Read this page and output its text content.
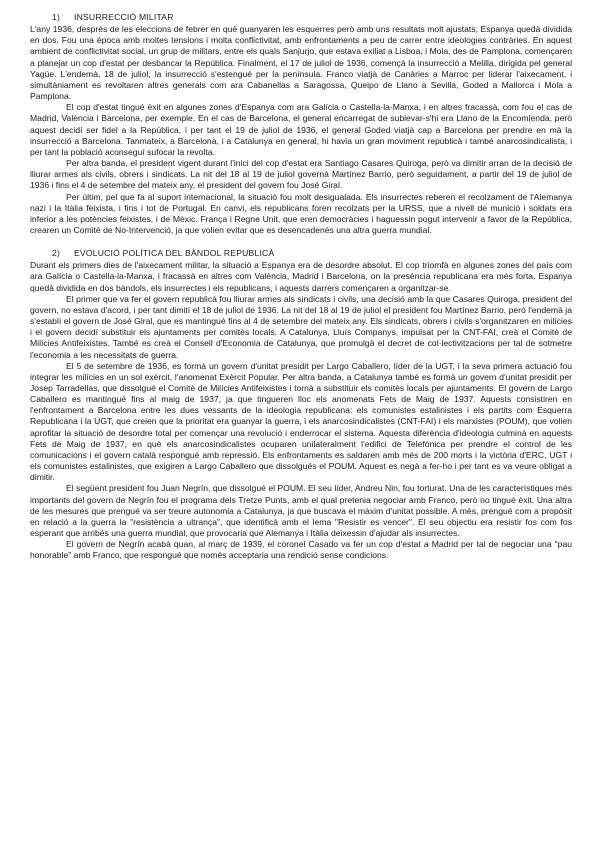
1) INSURRECCIÓ MILITAR

L'any 1936, després de les eleccions de febrer en què guanyaren les esquerres però amb uns resultats molt ajustats, Espanya quedà dividida en dos. Fou una època amb moltes tensions i molta conflictivitat, amb enfrontaments a peu de carrer entre ideologies contràries. En aquest ambient de conflictivitat social, un grup de militars, entre els quals Sanjurjo, que estava exiliat a Lisboa, i Mola, des de Pamplona, començaren a planejar un cop d'estat per desbancar la República. Finalment, el 17 de juliol de 1936, començà la insurrecció a Melilla, dirigida pel general Yagüe. L'endemà, 18 de juliol, la insurrecció s'estengué per la península. Franco viatjà de Canàries a Marroc per liderar l'aixecament, i simultàniament es revoltaren altres generals com ara Cabanellas a Saragossa, Queipo de Llano a Sevilla, Goded a Mallorca i Mola a Pamplona.

El cop d'estat tingué èxit en algunes zones d'Espanya com ara Galícia o Castella-la-Manxa, i en altres fracassà, com fou el cas de Madrid, València i Barcelona, per exemple. En el cas de Barcelona, el general encarregat de sublevar-s'hi era Llano de la Encomienda, però aquest decidí ser fidel a la República, i per tant el 19 de juliol de 1936, el general Goded viatjà cap a Barcelona per prendre en mà la insurrecció a Barcelona. Tanmateix, a Barcelona, i a Catalunya en general, hi havia un gran moviment republicà i també anarcosindicalista, i per tant la població aconseguí sufocar la revolta.

Per altra banda, el president vigent durant l'inici del cop d'estat era Santiago Casares Quiroga, però va dimitir arran de la decisió de lliurar armes als civils, obrers i sindicats. La nit del 18 al 19 de juliol governà Martínez Barrio, però seguidament, a partir del 19 de juliol de 1936 i fins el 4 de setembre del mateix any, el president del govern fou José Giral.

Per últim, pel que fa al suport internacional, la situació fou molt desigualada. Els insurrectes reberen el recolzament de l'Alemanya nazi i la Itàlia feixista, i fins i tot de Portugal. En canvi, els republicans foren recolzats per la URSS, que a nivell de munició i soldats era inferior a les potències feixistes, i de Mèxic. França i Regne Unit, que eren democràcies i haguessin pogut intervenir a favor de la República, crearen un Comitè de No-Intervenció, ja que volien evitar que es desencadenés una altra guerra mundial.

2) EVOLUCIÓ POLÍTICA DEL BÀNDOL REPUBLICÀ

Durant els primers dies de l'aixecament militar, la situació a Espanya era de desordre absolut. El cop triomfà en algunes zones del país com ara Galícia o Castella-la-Manxa, i fracassà en altres com València, Madrid i Barcelona, on la presència republicana era més forta. Espanya quedà dividida en dos bàndols, els insurrectes i els republicans, i aquests darrers començaren a organitzar-se.

El primer que va fer el govern republicà fou lliurar armes als sindicats i civils, una decisió amb la que Casares Quiroga, president del govern, no estava d'acord, i per tant dimití el 18 de juliol de 1936. La nit del 18 al 19 de juliol el president fou Martínez Barrio, però l'endemà ja s'establí el govern de José Giral, que es mantingué fins al 4 de setembre del mateix any. Els sindicats, obrers i civils s'organitzaren en milícies i el govern decidí substituir els ajuntaments per comitès locals. A Catalunya, Lluís Companys, impulsat per la CNT-FAI, creà el Comitè de Milícies Antifeixistes. També es creà el Consell d'Economia de Catalunya, que promulgà el decret de col·lectivitzacions per tal de sotmetre l'economia a les necessitats de guerra.

El 5 de setembre de 1936, es formà un govern d'unitat presidit per Largo Caballero, líder de la UGT, i la seva primera actuació fou integrar les milícies en un sol exèrcit, l'anomenat Exèrcit Popular. Per altra banda, a Catalunya també es formà un govern d'unitat presidit per Josep Tarradellas, que dissolgué el Comitè de Milícies Antifeixistes i tornà a substituir els comitès locals per ajuntaments. El govern de Largo Caballero es mantingué fins al maig de 1937, ja que tingueren lloc els anomenats Fets de Maig de 1937. Aquests consistiren en l'enfrontament a Barcelona entre les dues vessants de la ideologia republicana: els comunistes estalinistes i els partits com Esquerra Republicana i la UGT, que creien que la prioritat era guanyar la guerra, i els anarcosindicalistes (CNT-FAI) i els marxistes (POUM), que volien aprofitar la situació de desordre total per començar una revolució i enderrocar el sistema. Aquesta diferència d'ideologia culminà en aquests Fets de Maig de 1937, en què els anarcosindicalistes ocuparen unilateralment l'edifici de Telefònica per prendre el control de les comunicacions i el govern català respongué amb repressió. Els enfrontaments es saldaren amb més de 200 morts i la victòria d'ERC, UGT i els comunistes estalinistes, que exigiren a Largo Caballero que dissolgués el POUM. Aquest es negà a fer-ho i per tant es va veure obligat a dimitir.

El següent president fou Juan Negrín, que dissolgué el POUM. El seu líder, Andreu Nin, fou torturat. Una de les característiques més importants del govern de Negrín fou el programa dels Tretze Punts, amb el qual pretenia negociar amb Franco, però no tingué èxit. Una altra de les mesures que prengué va ser treure autonomia a Catalunya, ja que buscava el màxim d'unitat possible. A més, prengué com a propòsit en relació a la guerra la "resistència a ultrança", que identificà amb el lema "Resistir es vencer". El seu objectiu era resistir fos com fos esperant que arribés una guerra mundial, que provocaria que Alemanya i Itàlia deixessin d'ajudar als insurrectes.

El govern de Negrín acabà quan, al març de 1939, el coronel Casado va fer un cop d'estat a Madrid per tal de negociar una "pau honorable" amb Franco, que respongué que només acceptaria una rendició sense condicions.
